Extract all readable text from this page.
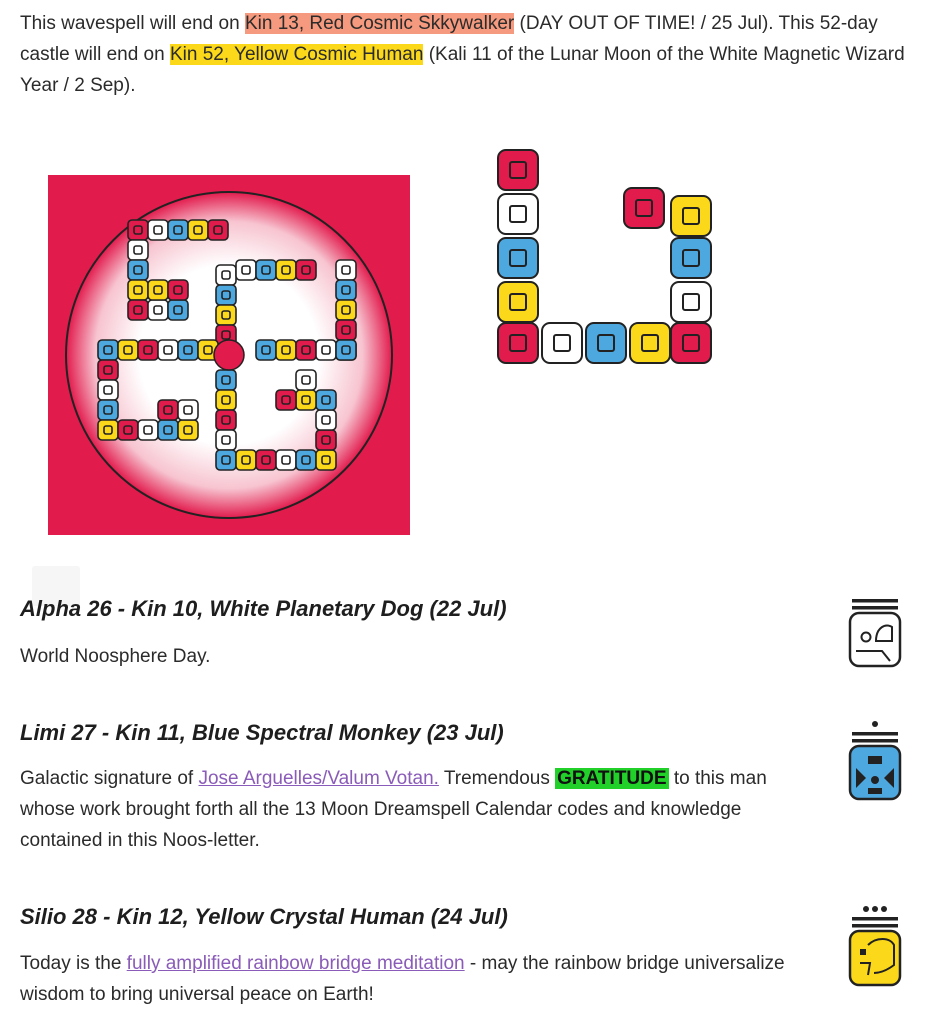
This wavespell will end on Kin 13, Red Cosmic Skkywalker (DAY OUT OF TIME! / 25 Jul). This 52-day castle will end on Kin 52, Yellow Cosmic Human (Kali 11 of the Lunar Moon of the White Magnetic Wizard Year / 2 Sep).

Alpha 26 - Kin 10, White Planetary Dog (22 Jul)

World Noosphere Day.

Limi 27 - Kin 11, Blue Spectral Monkey (23 Jul)

Galactic signature of Jose Arguelles/Valum Votan. Tremendous GRATITUDE to this man whose work brought forth all the 13 Moon Dreamspell Calendar codes and knowledge contained in this Noos-letter.

Silio 28 - Kin 12, Yellow Crystal Human (24 Jul)

Today is the fully amplified rainbow bridge meditation - may the rainbow bridge universalize wisdom to bring universal peace on Earth!
